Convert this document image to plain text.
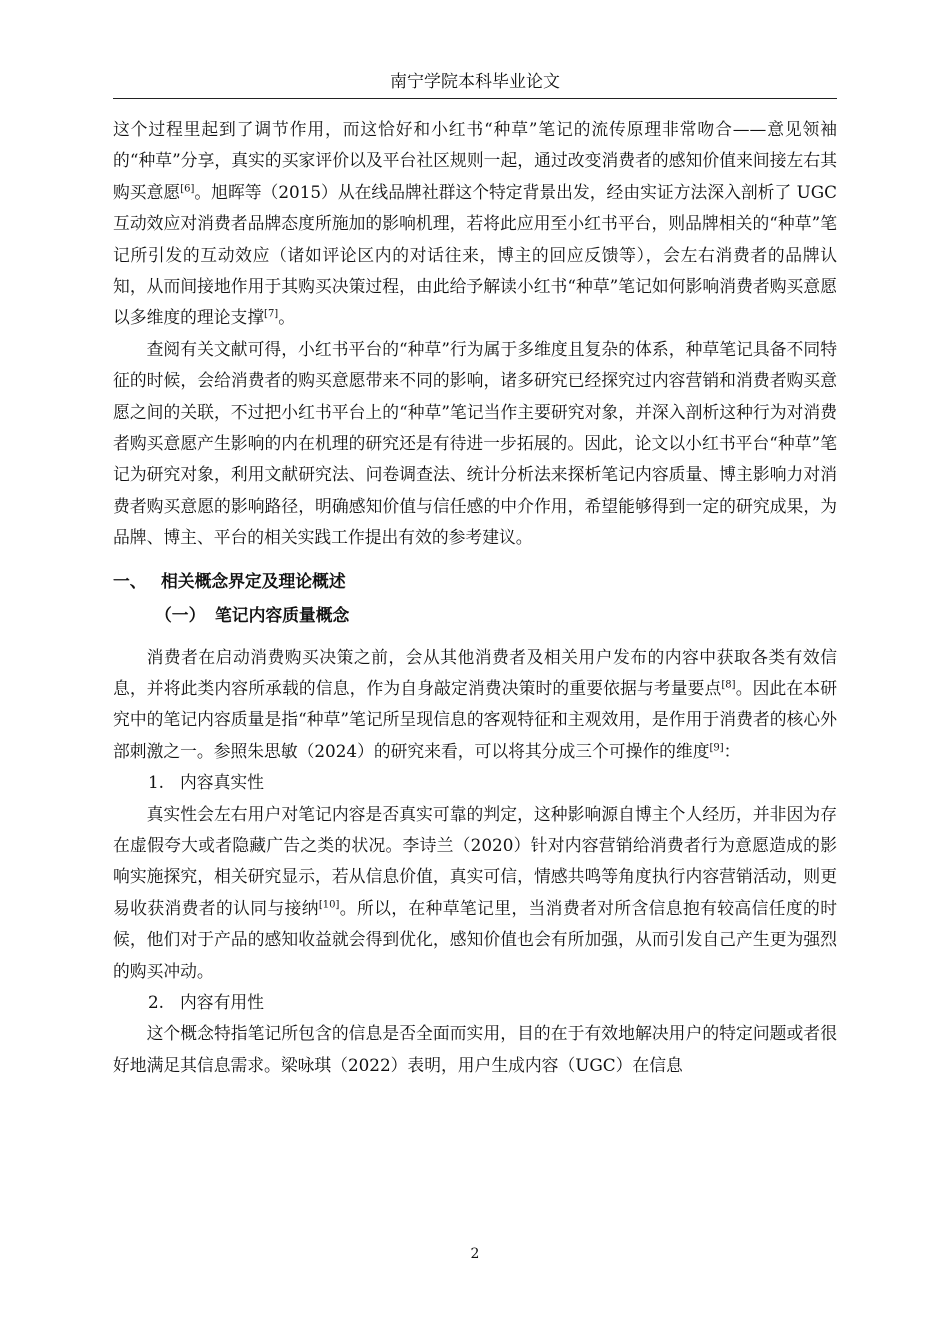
南宁学院本科毕业论文

这个过程里起到了调节作用，而这恰好和小红书“种草”笔记的流传原理非常吻合——意见领袖的“种草”分享，真实的买家评价以及平台社区规则一起，通过改变消费者的感知价值来间接左右其购买意愿[6]。旭晖等（2015）从在线品牌社群这个特定背景出发，经由实证方法深入剖析了 UGC 互动效应对消费者品牌态度所施加的影响机理，若将此应用至小红书平台，则品牌相关的“种草”笔记所引发的互动效应（诸如评论区内的对话往来，博主的回应反馈等），会左右消费者的品牌认知，从而间接地作用于其购买决策过程，由此给予解读小红书“种草”笔记如何影响消费者购买意愿以多维度的理论支撑[7]。

查阅有关文献可得，小红书平台的“种草”行为属于多维度且复杂的体系，种草笔记具备不同特征的时候，会给消费者的购买意愿带来不同的影响，诸多研究已经探究过内容营销和消费者购买意愿之间的关联，不过把小红书平台上的“种草”笔记当作主要研究对象，并深入剖析这种行为对消费者购买意愿产生影响的内在机理的研究还是有待进一步拓展的。因此，论文以小红书平台“种草”笔记为研究对象，利用文献研究法、问卷调查法、统计分析法来探析笔记内容质量、博主影响力对消费者购买意愿的影响路径，明确感知价值与信任感的中介作用，希望能够得到一定的研究成果，为品牌、博主、平台的相关实践工作提出有效的参考建议。

一、 相关概念界定及理论概述
（一） 笔记内容质量概念

消费者在启动消费购买决策之前，会从其他消费者及相关用户发布的内容中获取各类有效信息，并将此类内容所承载的信息，作为自身敲定消费决策时的重要依据与考量要点[8]。因此在本研究中的笔记内容质量是指“种草”笔记所呈现信息的客观特征和主观效用，是作用于消费者的核心外部刺激之一。参照朱思敏（2024）的研究来看，可以将其分成三个可操作的维度[9]：

1. 内容真实性

真实性会左右用户对笔记内容是否真实可靠的判定，这种影响源自博主个人经历，并非因为存在虚假夸大或者隐藏广告之类的状况。李诗兰（2020）针对内容营销给消费者行为意愿造成的影响实施探究，相关研究显示，若从信息价值，真实可信，情感共鸣等角度执行内容营销活动，则更易收获消费者的认同与接纳[10]。所以，在种草笔记里，当消费者对所含信息抱有较高信任度的时候，他们对于产品的感知收益就会得到优化，感知价值也会有所加强，从而引发自己产生更为强烈的购买冲动。

2. 内容有用性

这个概念特指笔记所包含的信息是否全面而实用，目的在于有效地解决用户的特定问题或者很好地满足其信息需求。梁咏琪（2022）表明，用户生成内容（UGC）在信息

2
